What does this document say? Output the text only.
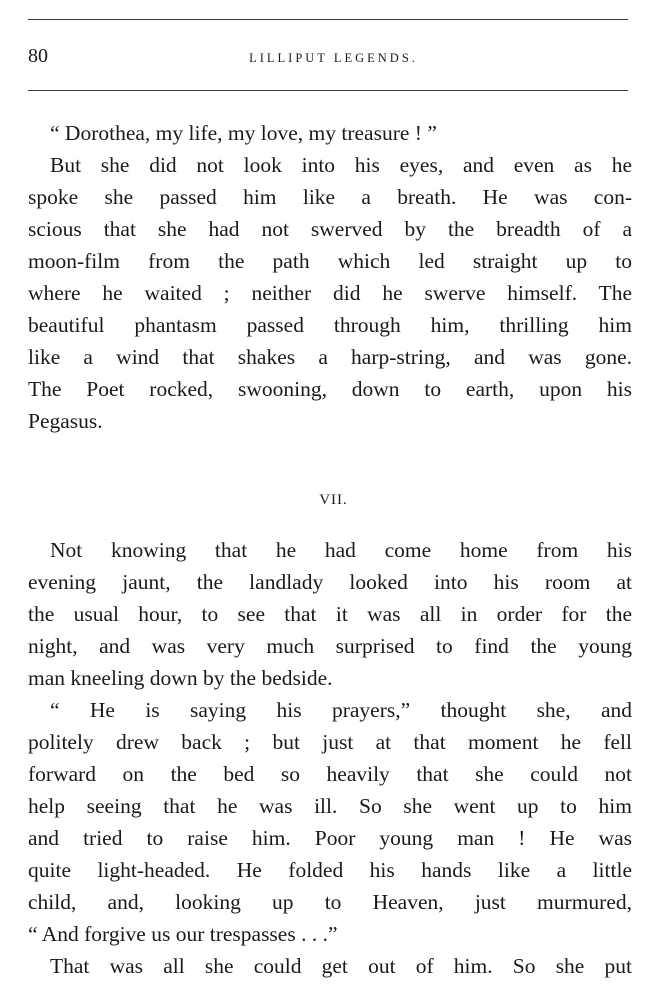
80	LILLIPUT LEGENDS.
“ Dorothea, my life, my love, my treasure ! ”
But she did not look into his eyes, and even as he
spoke she passed him like a breath. He was con-
scious that she had not swerved by the breadth of a
moon-film from the path which led straight up to
where he waited ; neither did he swerve himself. The
beautiful phantasm passed through him, thrilling him
like a wind that shakes a harp-string, and was gone.
The Poet rocked, swooning, down to earth, upon his
Pegasus.
VII.
Not knowing that he had come home from his
evening jaunt, the landlady looked into his room at
the usual hour, to see that it was all in order for the
night, and was very much surprised to find the young
man kneeling down by the bedside.
“ He is saying his prayers,” thought she, and
politely drew back ; but just at that moment he fell
forward on the bed so heavily that she could not
help seeing that he was ill. So she went up to him
and tried to raise him. Poor young man ! He was
quite light-headed. He folded his hands like a little
child, and, looking up to Heaven, just murmured,
“ And forgive us our trespasses . . .”
That was all she could get out of him. So she put
